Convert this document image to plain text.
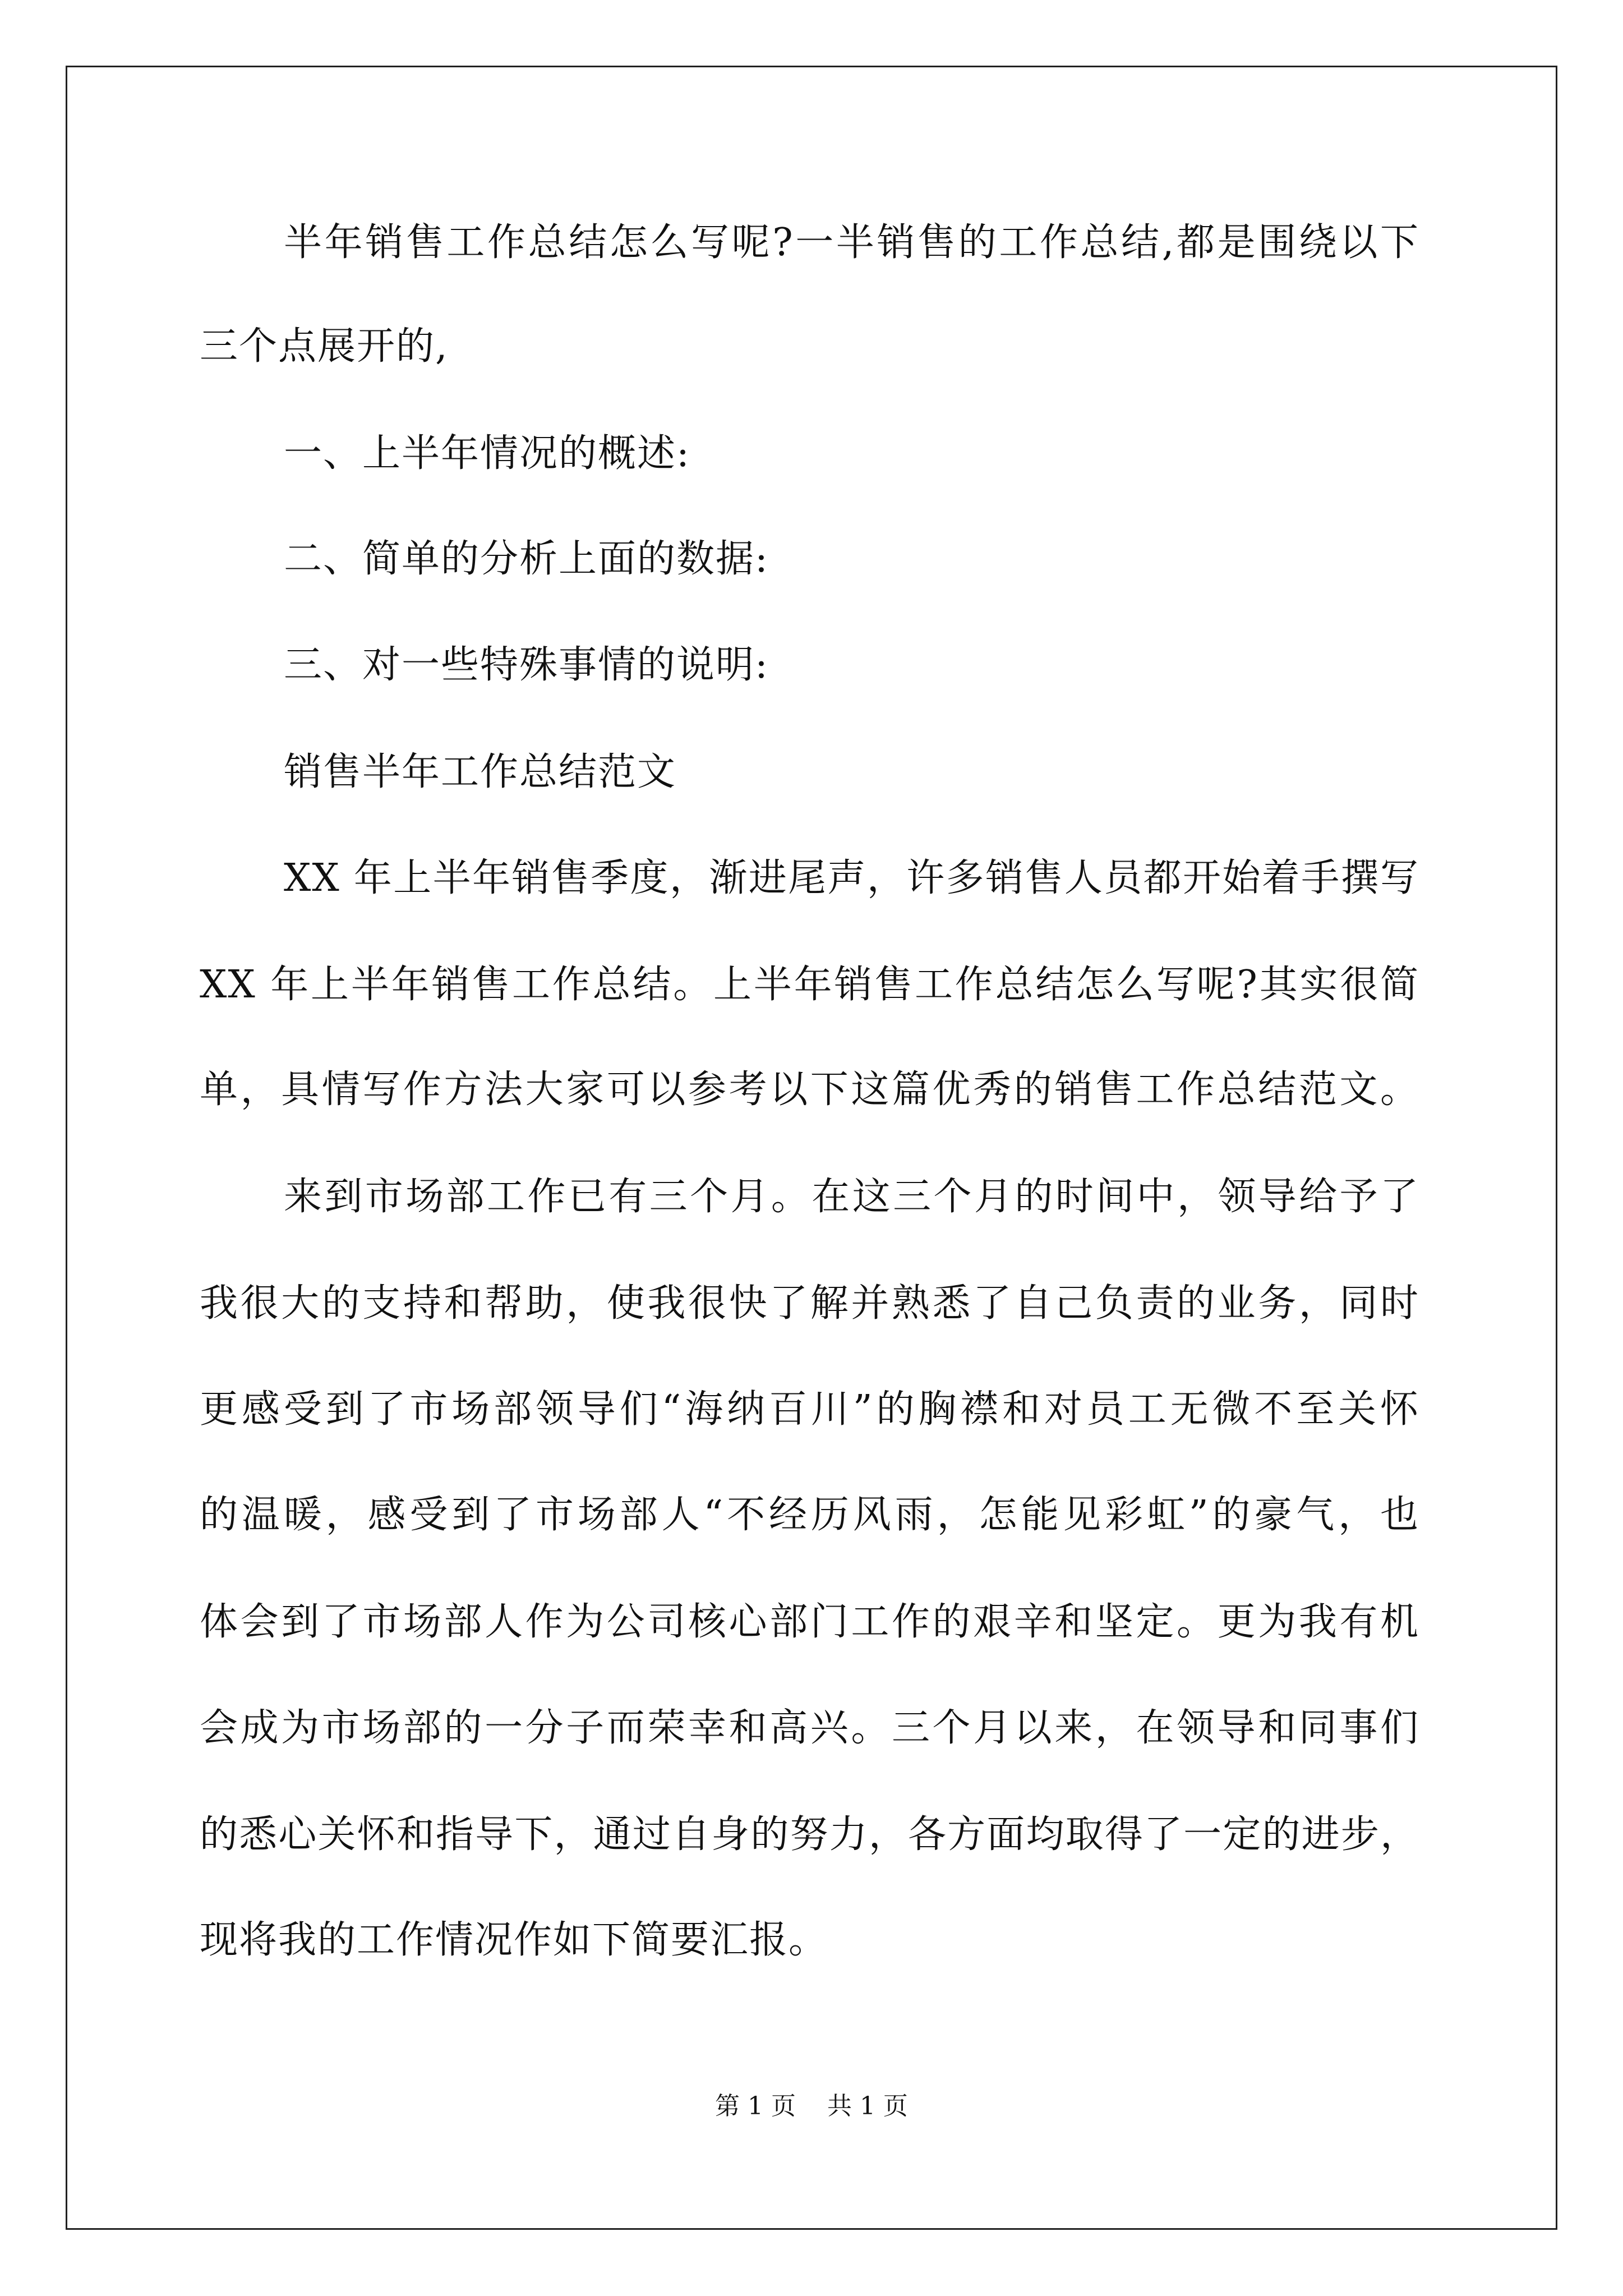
半年销售工作总结怎么写呢?一半销售的工作总结,都是围绕以下
三个点展开的,
一、上半年情况的概述:
二、简单的分析上面的数据:
三、对一些特殊事情的说明:
销售半年工作总结范文
XX 年上半年销售季度，渐进尾声，许多销售人员都开始着手撰写
XX 年上半年销售工作总结。上半年销售工作总结怎么写呢?其实很简
单，具情写作方法大家可以参考以下这篇优秀的销售工作总结范文。
来到市场部工作已有三个月。在这三个月的时间中，领导给予了
我很大的支持和帮助，使我很快了解并熟悉了自己负责的业务，同时
更感受到了市场部领导们“海纳百川”的胸襟和对员工无微不至关怀
的温暖，感受到了市场部人“不经历风雨，怎能见彩虹”的豪气，也
体会到了市场部人作为公司核心部门工作的艰辛和坚定。更为我有机
会成为市场部的一分子而荣幸和高兴。三个月以来，在领导和同事们
的悉心关怀和指导下，通过自身的努力，各方面均取得了一定的进步，
现将我的工作情况作如下简要汇报。
第 1 页    共 1 页
